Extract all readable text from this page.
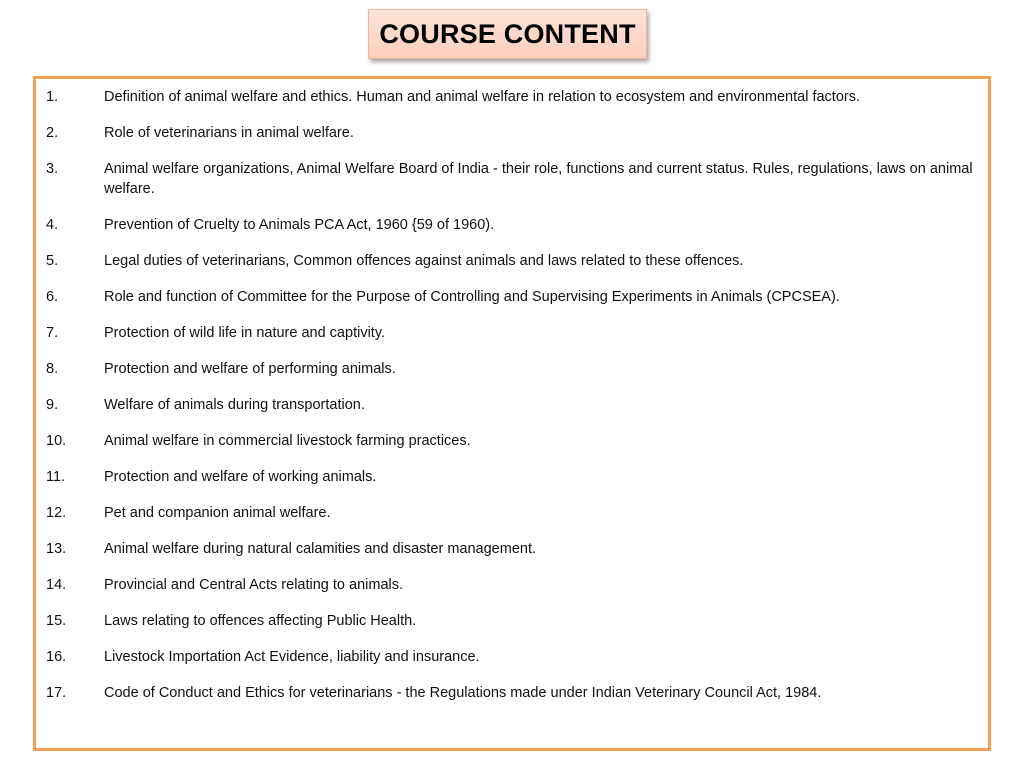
COURSE CONTENT
1.	Definition of animal welfare and ethics. Human and animal welfare in relation to ecosystem and environmental factors.
2.	Role of veterinarians in animal welfare.
3.	Animal welfare organizations, Animal Welfare Board of India - their role, functions and current status. Rules, regulations, laws on animal welfare.
4.	Prevention of Cruelty to Animals PCA Act, 1960 {59 of 1960).
5.	Legal duties of veterinarians, Common offences against animals and laws related to these offences.
6.	Role and function of Committee for the Purpose of Controlling and Supervising Experiments in Animals (CPCSEA).
7.	Protection of wild life in nature and captivity.
8.	Protection and welfare of performing animals.
9.	Welfare of animals during transportation.
10.	Animal welfare in commercial livestock farming practices.
11.	Protection and welfare of working animals.
12.	Pet and companion animal welfare.
13.	Animal welfare during natural calamities and disaster management.
14.	Provincial and Central Acts relating to animals.
15.	Laws relating to offences affecting Public Health.
16.	Livestock Importation Act Evidence, liability and insurance.
17.	Code of Conduct and Ethics for veterinarians - the Regulations made under Indian Veterinary Council Act, 1984.
